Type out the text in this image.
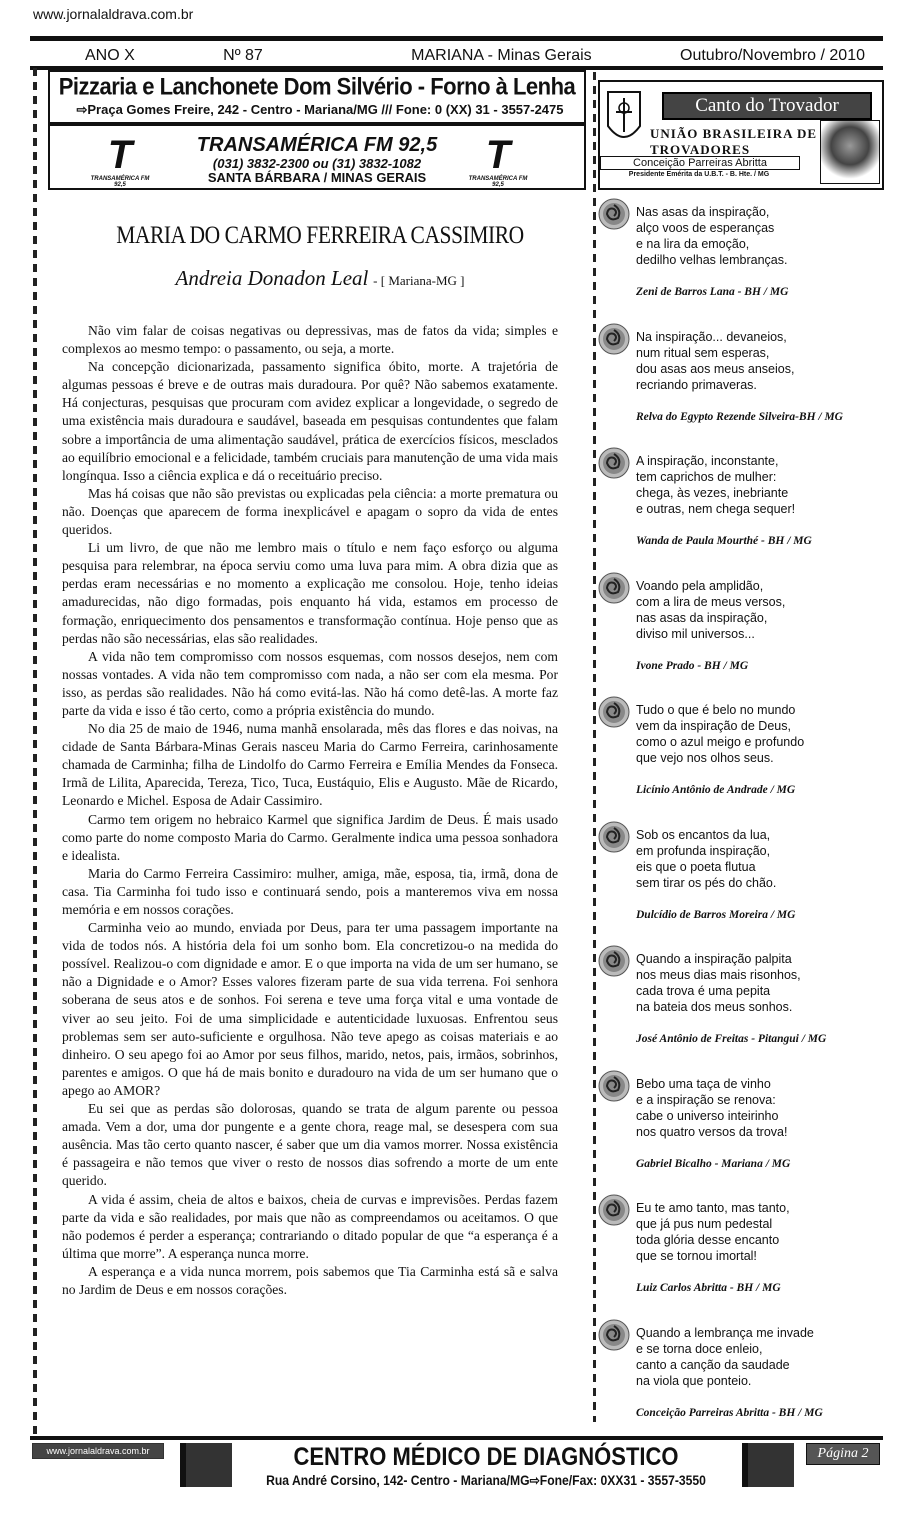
www.jornalaldrava.com.br
ANO X	Nº 87	MARIANA - Minas Gerais	Outubro/Novembro / 2010
Pizzaria e Lanchonete Dom Silvério - Forno à Lenha
⇨Praça Gomes Freire, 242 - Centro - Mariana/MG /// Fone: 0 (XX) 31 - 3557-2475
T
TRANSAMÉRICA FM 92,5
TRANSAMÉRICA FM 92,5
(031) 3832-2300 ou (31) 3832-1082
SANTA BÁRBARA / MINAS GERAIS
T
TRANSAMÉRICA FM 92,5
MARIA DO CARMO FERREIRA CASSIMIRO
Andreia Donadon Leal - [ Mariana-MG ]

Não vim falar de coisas negativas ou depressivas, mas de fatos da vida; simples e complexos ao mesmo tempo: o passamento, ou seja, a morte.

Na concepção dicionarizada, passamento significa óbito, morte. A trajetória de algumas pessoas é breve e de outras mais duradoura. Por quê? Não sabemos exatamente. Há conjecturas, pesquisas que procuram com avidez explicar a longevidade, o segredo de uma existência mais duradoura e saudável, baseada em pesquisas contundentes que falam sobre a importância de uma alimentação saudável, prática de exercícios físicos, mesclados ao equilíbrio emocional e a felicidade, também cruciais para manutenção de uma vida mais longínqua. Isso a ciência explica e dá o receituário preciso.

Mas há coisas que não são previstas ou explicadas pela ciência: a morte prematura ou não. Doenças que aparecem de forma inexplicável e apagam o sopro da vida de entes queridos.

Li um livro, de que não me lembro mais o título e nem faço esforço ou alguma pesquisa para relembrar, na época serviu como uma luva para mim. A obra dizia que as perdas eram necessárias e no momento a explicação me consolou. Hoje, tenho ideias amadurecidas, não digo formadas, pois enquanto há vida, estamos em processo de formação, enriquecimento dos pensamentos e transformação contínua. Hoje penso que as perdas não são necessárias, elas são realidades.

A vida não tem compromisso com nossos esquemas, com nossos desejos, nem com nossas vontades. A vida não tem compromisso com nada, a não ser com ela mesma. Por isso, as perdas são realidades. Não há como evitá-las. Não há como detê-las. A morte faz parte da vida e isso é tão certo, como a própria existência do mundo.

No dia 25 de maio de 1946, numa manhã ensolarada, mês das flores e das noivas, na cidade de Santa Bárbara-Minas Gerais nasceu Maria do Carmo Ferreira, carinhosamente chamada de Carminha; filha de Lindolfo do Carmo Ferreira e Emília Mendes da Fonseca. Irmã de Lilita, Aparecida, Tereza, Tico, Tuca, Eustáquio, Elis e Augusto. Mãe de Ricardo, Leonardo e Michel. Esposa de Adair Cassimiro.

Carmo tem origem no hebraico Karmel que significa Jardim de Deus. É mais usado como parte do nome composto Maria do Carmo. Geralmente indica uma pessoa sonhadora e idealista.

Maria do Carmo Ferreira Cassimiro: mulher, amiga, mãe, esposa, tia, irmã, dona de casa. Tia Carminha foi tudo isso e continuará sendo, pois a manteremos viva em nossa memória e em nossos corações.

Carminha veio ao mundo, enviada por Deus, para ter uma passagem importante na vida de todos nós. A história dela foi um sonho bom. Ela concretizou-o na medida do possível. Realizou-o com dignidade e amor. E o que importa na vida de um ser humano, se não a Dignidade e o Amor? Esses valores fizeram parte de sua vida terrena. Foi senhora soberana de seus atos e de sonhos. Foi serena e teve uma força vital e uma vontade de viver ao seu jeito. Foi de uma simplicidade e autenticidade luxuosas. Enfrentou seus problemas sem ser auto-suficiente e orgulhosa. Não teve apego as coisas materiais e ao dinheiro. O seu apego foi ao Amor por seus filhos, marido, netos, pais, irmãos, sobrinhos, parentes e amigos. O que há de mais bonito e duradouro na vida de um ser humano que o apego ao AMOR?

Eu sei que as perdas são dolorosas, quando se trata de algum parente ou pessoa amada. Vem a dor, uma dor pungente e a gente chora, reage mal, se desespera com sua ausência. Mas tão certo quanto nascer, é saber que um dia vamos morrer. Nossa existência é passageira e não temos que viver o resto de nossos dias sofrendo a morte de um ente querido.

A vida é assim, cheia de altos e baixos, cheia de curvas e imprevisões. Perdas fazem parte da vida e são realidades, por mais que não as compreendamos ou aceitamos. O que não podemos é perder a esperança; contrariando o ditado popular de que “a esperança é a última que morre”. A esperança nunca morre.

A esperança e a vida nunca morrem, pois sabemos que Tia Carminha está sã e salva no Jardim de Deus e em nossos corações.

Canto do Trovador
UNIÃO BRASILEIRA DE TROVADORES
Conceição Parreiras Abritta
Presidente Emérita da U.B.T. - B. Hte. / MG
Nas asas da inspiração,
alço voos de esperanças
e na lira da emoção,
dedilho velhas lembranças.
Zeni de Barros Lana - BH / MG
Na inspiração... devaneios,
num ritual sem esperas,
dou asas aos meus anseios,
recriando primaveras.
Relva do Egypto Rezende Silveira-BH / MG
A inspiração, inconstante,
tem caprichos de mulher:
chega, às vezes, inebriante
e outras, nem chega sequer!
Wanda de Paula Mourthé - BH / MG
Voando pela amplidão,
com a lira de meus versos,
nas asas da inspiração,
diviso mil universos...
Ivone Prado - BH / MG
Tudo o que é belo no mundo
vem da inspiração de Deus,
como o azul meigo e profundo
que vejo nos olhos seus.
Licínio Antônio de Andrade / MG
Sob os encantos da lua,
em profunda inspiração,
eis que o poeta flutua
sem tirar os pés do chão.
Dulcídio de Barros Moreira / MG
Quando a inspiração palpita
nos meus dias mais risonhos,
cada trova é uma pepita
na bateia dos meus sonhos.
José Antônio de Freitas - Pitangui / MG
Bebo uma taça de vinho
e a inspiração se renova:
cabe o universo inteirinho
nos quatro versos da trova!
Gabriel Bicalho - Mariana / MG
Eu te amo tanto, mas tanto,
que já pus num pedestal
toda glória desse encanto
que se tornou imortal!
Luiz Carlos Abritta - BH / MG
Quando a lembrança me invade
e se torna doce enleio,
canto a canção da saudade
na viola que ponteio.
Conceição Parreiras Abritta - BH / MG
www.jornalaldrava.com.br	CENTRO MÉDICO DE DIAGNÓSTICO
Rua André Corsino, 142- Centro - Mariana/MG⇨Fone/Fax: 0XX31 - 3557-3550
Página 2
